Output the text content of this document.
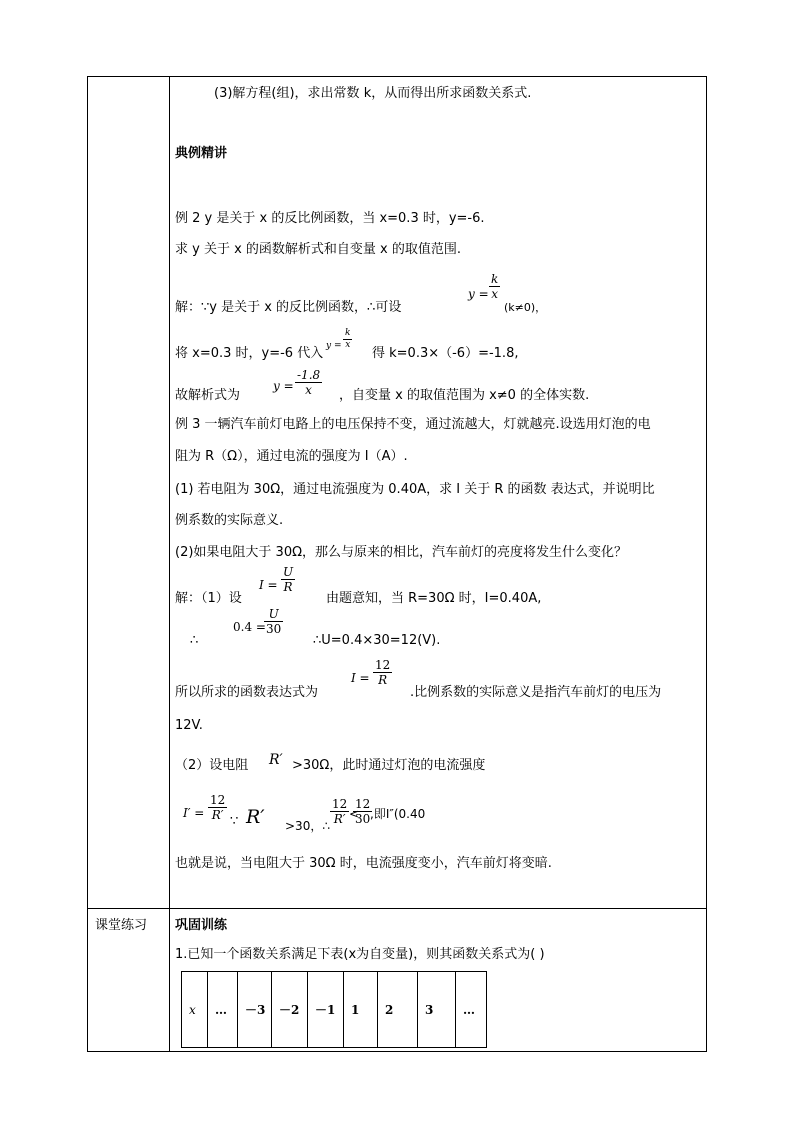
(3)解方程(组)，求出常数 k，从而得出所求函数关系式.
典例精讲
例 2 y 是关于 x 的反比例函数，当 x=0.3 时，y=-6.
求 y 关于 x 的函数解析式和自变量 x 的取值范围.
解：∵y 是关于 x 的反比例函数，∴可设
$y = \frac{k}{x}$
(k≠0)，
将 x=0.3 时，y=-6 代入 $y = \frac{k}{x}$
得 k=0.3×（-6）=-1.8,
故解析式为
$y = \frac{-1.8}{x}$ ，自变量 x 的取值范围为 x≠0 的全体实数.
例 3 一辆汽车前灯电路上的电压保持不变，通过流越大，灯就越亮.设选用灯泡的电
阻为 R（Ω），通过电流的强度为 I（A）.
(1) 若电阻为 30Ω，通过电流强度为 0.40A，求 I 关于 R 的函数 表达式，并说明比
例系数的实际意义.
(2)如果电阻大于 30Ω，那么与原来的相比，汽车前灯的亮度将发生什么变化？
解：（1）设
$I = \frac{U}{R}$
由题意知，当 R=30Ω 时，I=0.40A,
∴
0.4 =
$\frac{U}{30}$
∴U=0.4×30=12(V).
所以所求的函数表达式为
$I = \frac{12}{R}$
.比例系数的实际意义是指汽车前灯的电压为
12V.
（2）设电阻 R′ >30Ω，此时通过灯泡的电流强度
$I' = \frac{12}{R'}$ ∵ R′ >30，∴ $\frac{12}{R'}$ <
$\frac{12}{30}$
,即I″(0.40
也就是说，当电阻大于 30Ω 时，电流强度变小，汽车前灯将变暗.
课堂练习 巩固训练
1.已知一个函数关系满足下表(x为自变量)，则其函数关系式为( )
x	…	－3	－2	－1	1	2	3	…
